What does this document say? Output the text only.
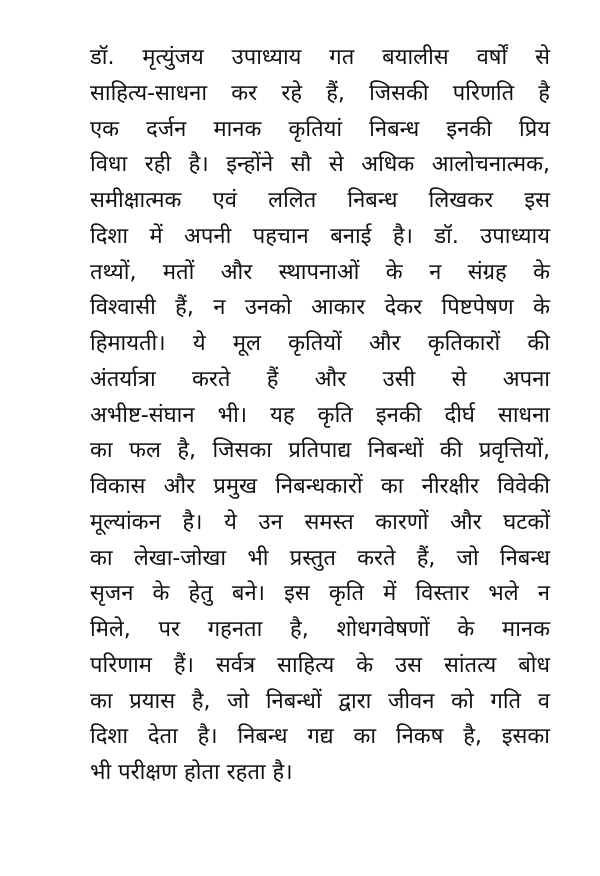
डॉ. मृत्युंजय उपाध्याय गत बयालीस वर्षों से
साहित्य-साधना कर रहे हैं, जिसकी परिणति है
एक दर्जन मानक कृतियां निबन्ध इनकी प्रिय
विधा रही है। इन्होंने सौ से अधिक आलोचनात्मक,
समीक्षात्मक एवं ललित निबन्ध लिखकर इस
दिशा में अपनी पहचान बनाई है। डॉ. उपाध्याय
तथ्यों, मतों और स्थापनाओं के न संग्रह के
विश्वासी हैं, न उनको आकार देकर पिष्टपेषण के
हिमायती। ये मूल कृतियों और कृतिकारों की
अंतर्यात्रा करते हैं और उसी से अपना
अभीष्ट-संघान भी। यह कृति इनकी दीर्घ साधना
का फल है, जिसका प्रतिपाद्य निबन्धों की प्रवृत्तियों,
विकास और प्रमुख निबन्धकारों का नीरक्षीर विवेकी
मूल्यांकन है। ये उन समस्त कारणों और घटकों
का लेखा-जोखा भी प्रस्तुत करते हैं, जो निबन्ध
सृजन के हेतु बने। इस कृति में विस्तार भले न
मिले, पर गहनता है, शोधगवेषणों के मानक
परिणाम हैं। सर्वत्र साहित्य के उस सांतत्य बोध
का प्रयास है, जो निबन्धों द्वारा जीवन को गति व
दिशा देता है। निबन्ध गद्य का निकष है, इसका
भी परीक्षण होता रहता है।
